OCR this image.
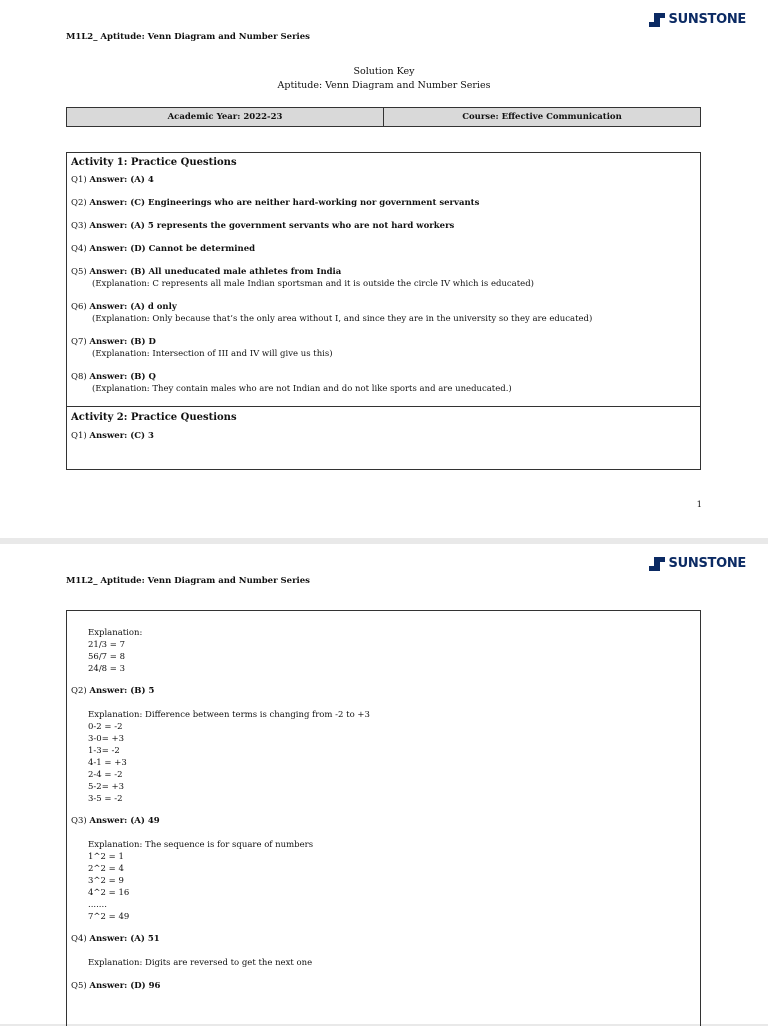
M1L2_ Aptitude: Venn Diagram and Number Series
SUNSTONE
Solution Key
Aptitude: Venn Diagram and Number Series
Academic Year: 2022-23	Course: Effective Communication
Activity 1: Practice Questions
Q1) Answer: (A) 4
Q2) Answer: (C) Engineerings who are neither hard-working nor government servants
Q3) Answer: (A) 5 represents the government servants who are not hard workers
Q4) Answer: (D) Cannot be determined
Q5) Answer: (B) All uneducated male athletes from India
(Explanation: C represents all male Indian sportsman and it is outside the circle IV which is educated)
Q6) Answer: (A) d only
(Explanation: Only because that’s the only area without I, and since they are in the university so they are educated)
Q7) Answer: (B) D
(Explanation: Intersection of III and IV will give us this)
Q8) Answer: (B) Q
(Explanation: They contain males who are not Indian and do not like sports and are uneducated.)
Activity 2: Practice Questions
Q1) Answer: (C) 3
1
M1L2_ Aptitude: Venn Diagram and Number Series
SUNSTONE
Explanation:
21/3 = 7
56/7 = 8
24/8 = 3
Q2) Answer: (B) 5
Explanation: Difference between terms is changing from -2 to +3
0-2 = -2
3-0= +3
1-3= -2
4-1 = +3
2-4 = -2
5-2= +3
3-5 = -2
Q3) Answer: (A) 49
Explanation: The sequence is for square of numbers
1^2 = 1
2^2 = 4
3^2 = 9
4^2 = 16
.......
7^2 = 49
Q4) Answer: (A) 51
Explanation: Digits are reversed to get the next one
Q5) Answer: (D) 96
